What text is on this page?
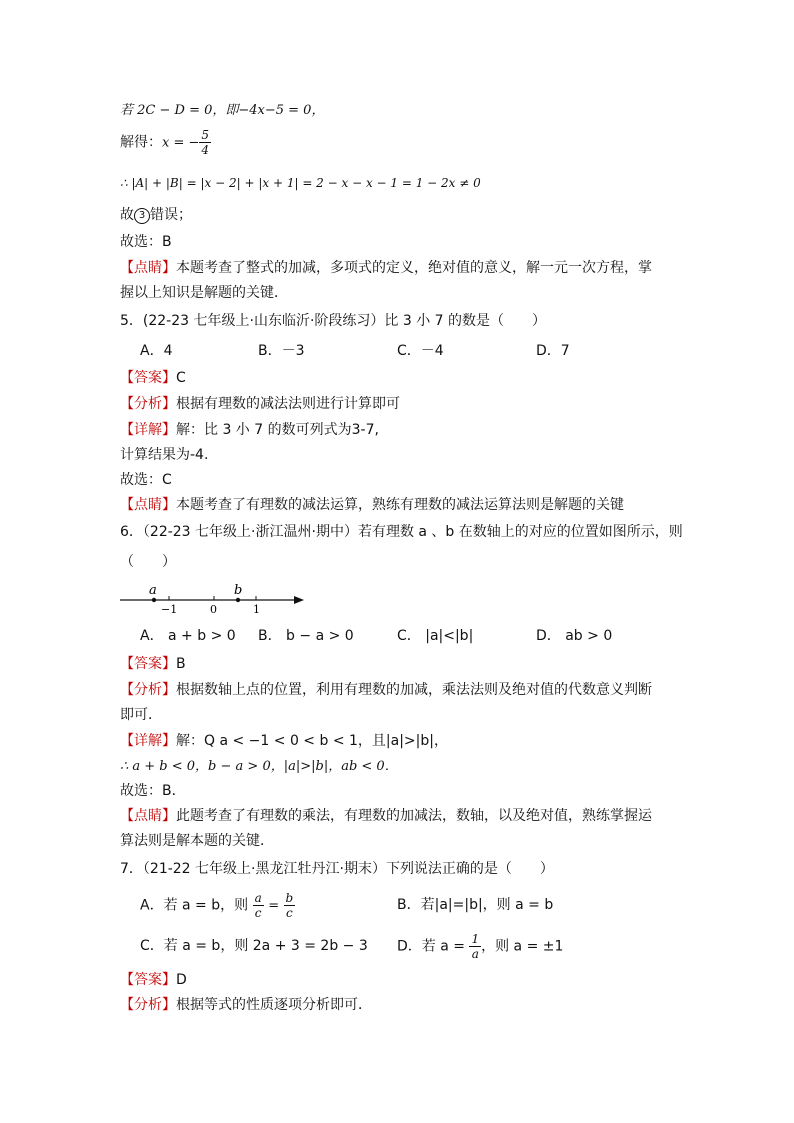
若 2C − D = 0，即−4x−5 = 0，
解得：x = − $\frac{5}{4}$
∴ |A| + |B| = |x − 2| + |x + 1| = 2 − x − x − 1 = 1 − 2x ≠ 0
故 3 错误；
故选：B
【点睛】本题考查了整式的加减，多项式的定义，绝对值的意义，解一元一次方程，掌
握以上知识是解题的关键．
5．(22-23 七年级上·山东临沂·阶段练习）比 3 小 7 的数是（　　）
A．4	B．－3	C．－4	D．7
【答案】C
【分析】根据有理数的减法法则进行计算即可
【详解】解：比 3 小 7 的数可列式为3-7,
计算结果为-4.
故选：C
【点睛】本题考查了有理数的减法运算，熟练有理数的减法运算法则是解题的关键
6．（22-23 七年级上·浙江温州·期中）若有理数 a 、b 在数轴上的对应的位置如图所示，则
（　　）
a	b
−1	0	1
A． a + b > 0 B． b − a > 0	C． |a|<|b|	D． ab > 0
【答案】B
【分析】根据数轴上点的位置，利用有理数的加减，乘法法则及绝对值的代数意义判断
即可．
【详解】解：Q a < −1 < 0 < b < 1，且|a|>|b|，
∴ a + b < 0，b − a > 0，|a|>|b|，ab < 0．
故选：B．
【点睛】此题考查了有理数的乘法，有理数的加减法，数轴，以及绝对值，熟练掌握运
算法则是解本题的关键．
7．（21-22 七年级上·黑龙江牡丹江·期末）下列说法正确的是（　　）
A．若 a = b，则 $\frac{a}{c} = \frac{b}{c}$	B．若|a|=|b|，则 a = b
C．若 a = b，则 2a + 3 = 2b − 3 D．若 $a = \frac{1}{a}$ ，则 a = ±1
【答案】D
【分析】根据等式的性质逐项分析即可．
